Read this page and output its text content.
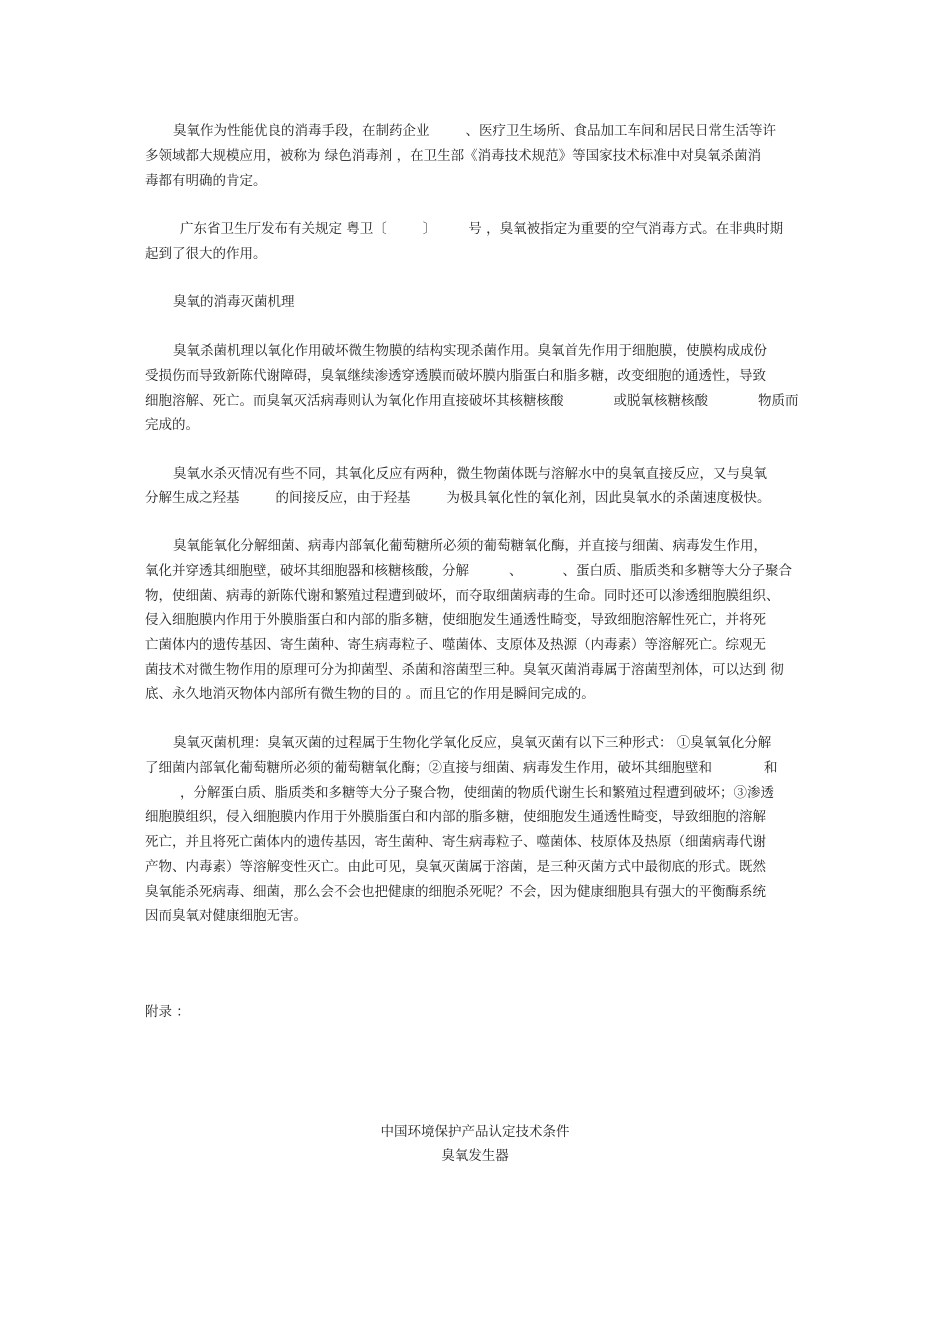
臭氧作为性能优良的消毒手段，在制药企业	、医疗卫生场所、食品加工车间和居民日常生活等许
多领域都大规模应用，被称为 绿色消毒剂 ，在卫生部《消毒技术规范》等国家技术标准中对臭氧杀菌消
毒都有明确的肯定。
广东省卫生厅发布有关规定 粤卫〔	〕 号 ，臭氧被指定为重要的空气消毒方式。在非典时期
起到了很大的作用。
臭氧的消毒灭菌机理
臭氧杀菌机理以氧化作用破坏微生物膜的结构实现杀菌作用。臭氧首先作用于细胞膜，使膜构成成份
受损伤而导致新陈代谢障碍，臭氧继续渗透穿透膜而破坏膜内脂蛋白和脂多糖，改变细胞的通透性，导致
细胞溶解、死亡。而臭氧灭活病毒则认为氧化作用直接破坏其核糖核酸	或脱氧核糖核酸	物质而
完成的。
臭氧水杀灭情况有些不同，其氧化反应有两种，微生物菌体既与溶解水中的臭氧直接反应，又与臭氧
分解生成之羟基	的间接反应，由于羟基	为极具氧化性的氧化剂，因此臭氧水的杀菌速度极快。
臭氧能氧化分解细菌、病毒内部氧化葡萄糖所必须的葡萄糖氧化酶，并直接与细菌、病毒发生作用，
氧化并穿透其细胞壁，破坏其细胞器和核糖核酸，分解	、	、蛋白质、脂质类和多糖等大分子聚合
物，使细菌、病毒的新陈代谢和繁殖过程遭到破坏，而夺取细菌病毒的生命。同时还可以渗透细胞膜组织、
侵入细胞膜内作用于外膜脂蛋白和内部的脂多糖，使细胞发生通透性畸变，导致细胞溶解性死亡，并将死
亡菌体内的遗传基因、寄生菌种、寄生病毒粒子、噬菌体、支原体及热源（内毒素）等溶解死亡。综观无
菌技术对微生物作用的原理可分为抑菌型、杀菌和溶菌型三种。臭氧灭菌消毒属于溶菌型剂体，可以达到 彻
底、永久地消灭物体内部所有微生物的目的 。而且它的作用是瞬间完成的。
臭氧灭菌机理：臭氧灭菌的过程属于生物化学氧化反应，臭氧灭菌有以下三种形式： ①臭氧氧化分解
了细菌内部氧化葡萄糖所必须的葡萄糖氧化酶；②直接与细菌、病毒发生作用，破坏其细胞壁和	和
，分解蛋白质、脂质类和多糖等大分子聚合物，使细菌的物质代谢生长和繁殖过程遭到破坏；③渗透
细胞膜组织，侵入细胞膜内作用于外膜脂蛋白和内部的脂多糖，使细胞发生通透性畸变，导致细胞的溶解
死亡，并且将死亡菌体内的遗传基因，寄生菌种、寄生病毒粒子、噬菌体、枝原体及热原（细菌病毒代谢
产物、内毒素）等溶解变性灭亡。由此可见，臭氧灭菌属于溶菌，是三种灭菌方式中最彻底的形式。既然
臭氧能杀死病毒、细菌，那么会不会也把健康的细胞杀死呢？不会，因为健康细胞具有强大的平衡酶系统
因而臭氧对健康细胞无害。
附录 ：
中国环境保护产品认定技术条件
臭氧发生器
